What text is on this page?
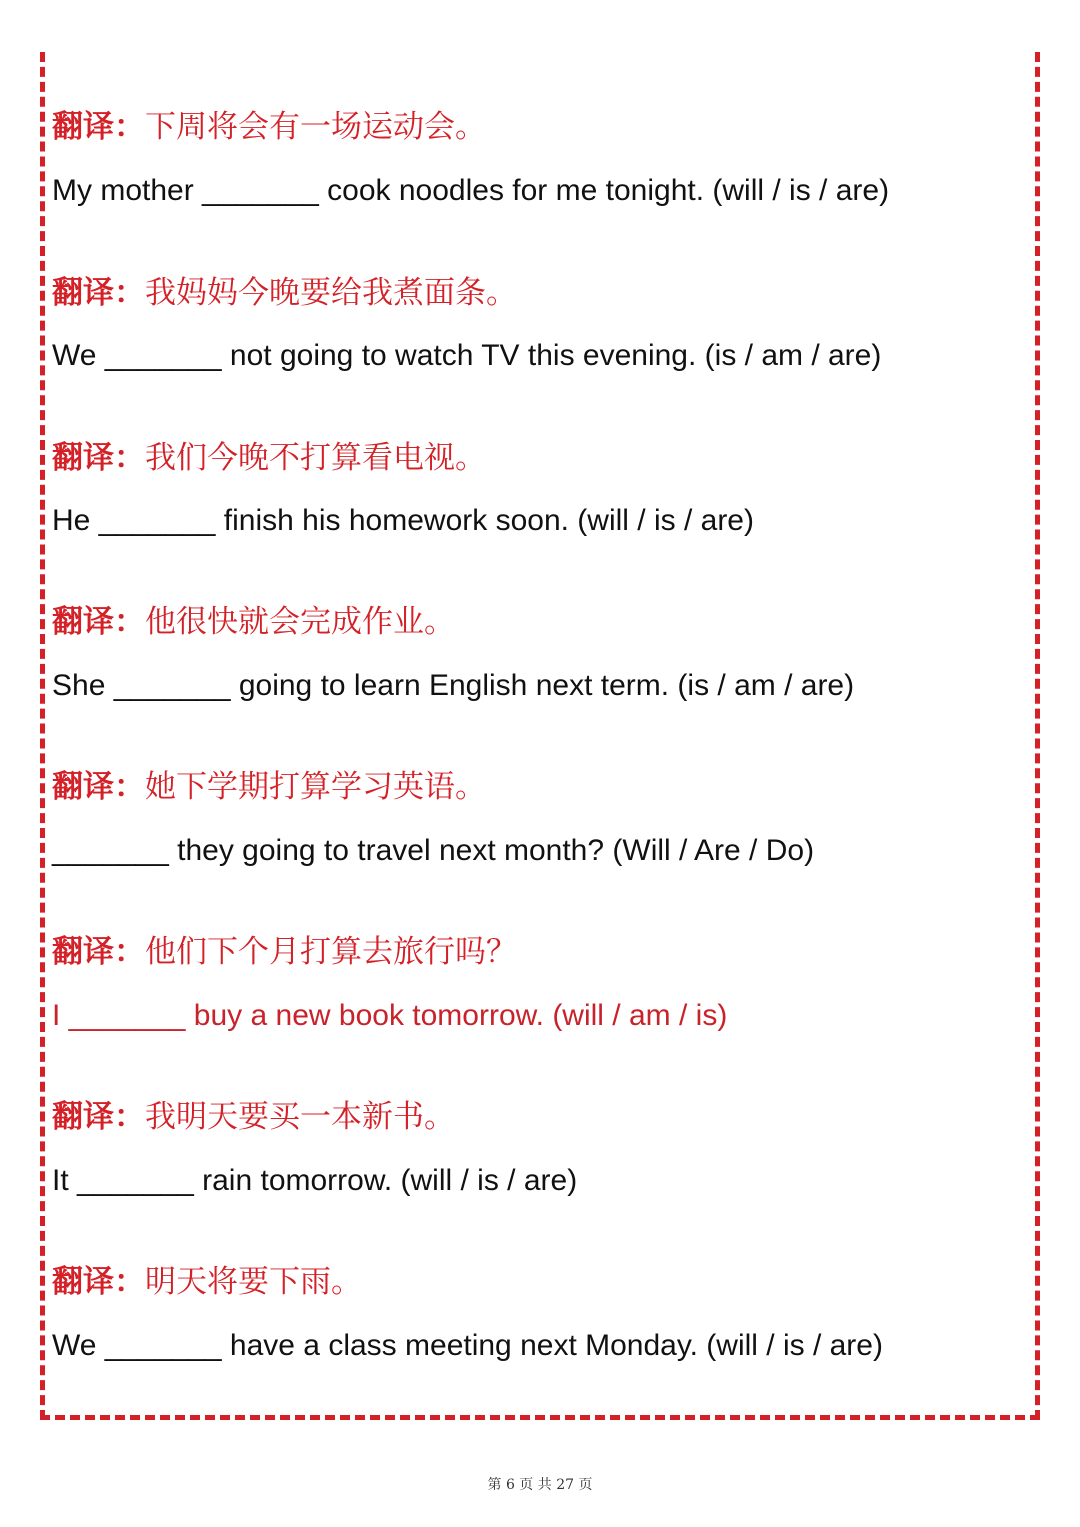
翻译：下周将会有一场运动会。
My mother _______ cook noodles for me tonight. (will / is / are)
翻译：我妈妈今晚要给我煮面条。
We _______ not going to watch TV this evening. (is / am / are)
翻译：我们今晚不打算看电视。
He _______ finish his homework soon. (will / is / are)
翻译：他很快就会完成作业。
She _______ going to learn English next term. (is / am / are)
翻译：她下学期打算学习英语。
_______ they going to travel next month? (Will / Are / Do)
翻译：他们下个月打算去旅行吗？
I _______ buy a new book tomorrow. (will / am / is)
翻译：我明天要买一本新书。
It _______ rain tomorrow. (will / is / are)
翻译：明天将要下雨。
We _______ have a class meeting next Monday. (will / is / are)
第 6 页 共 27 页
